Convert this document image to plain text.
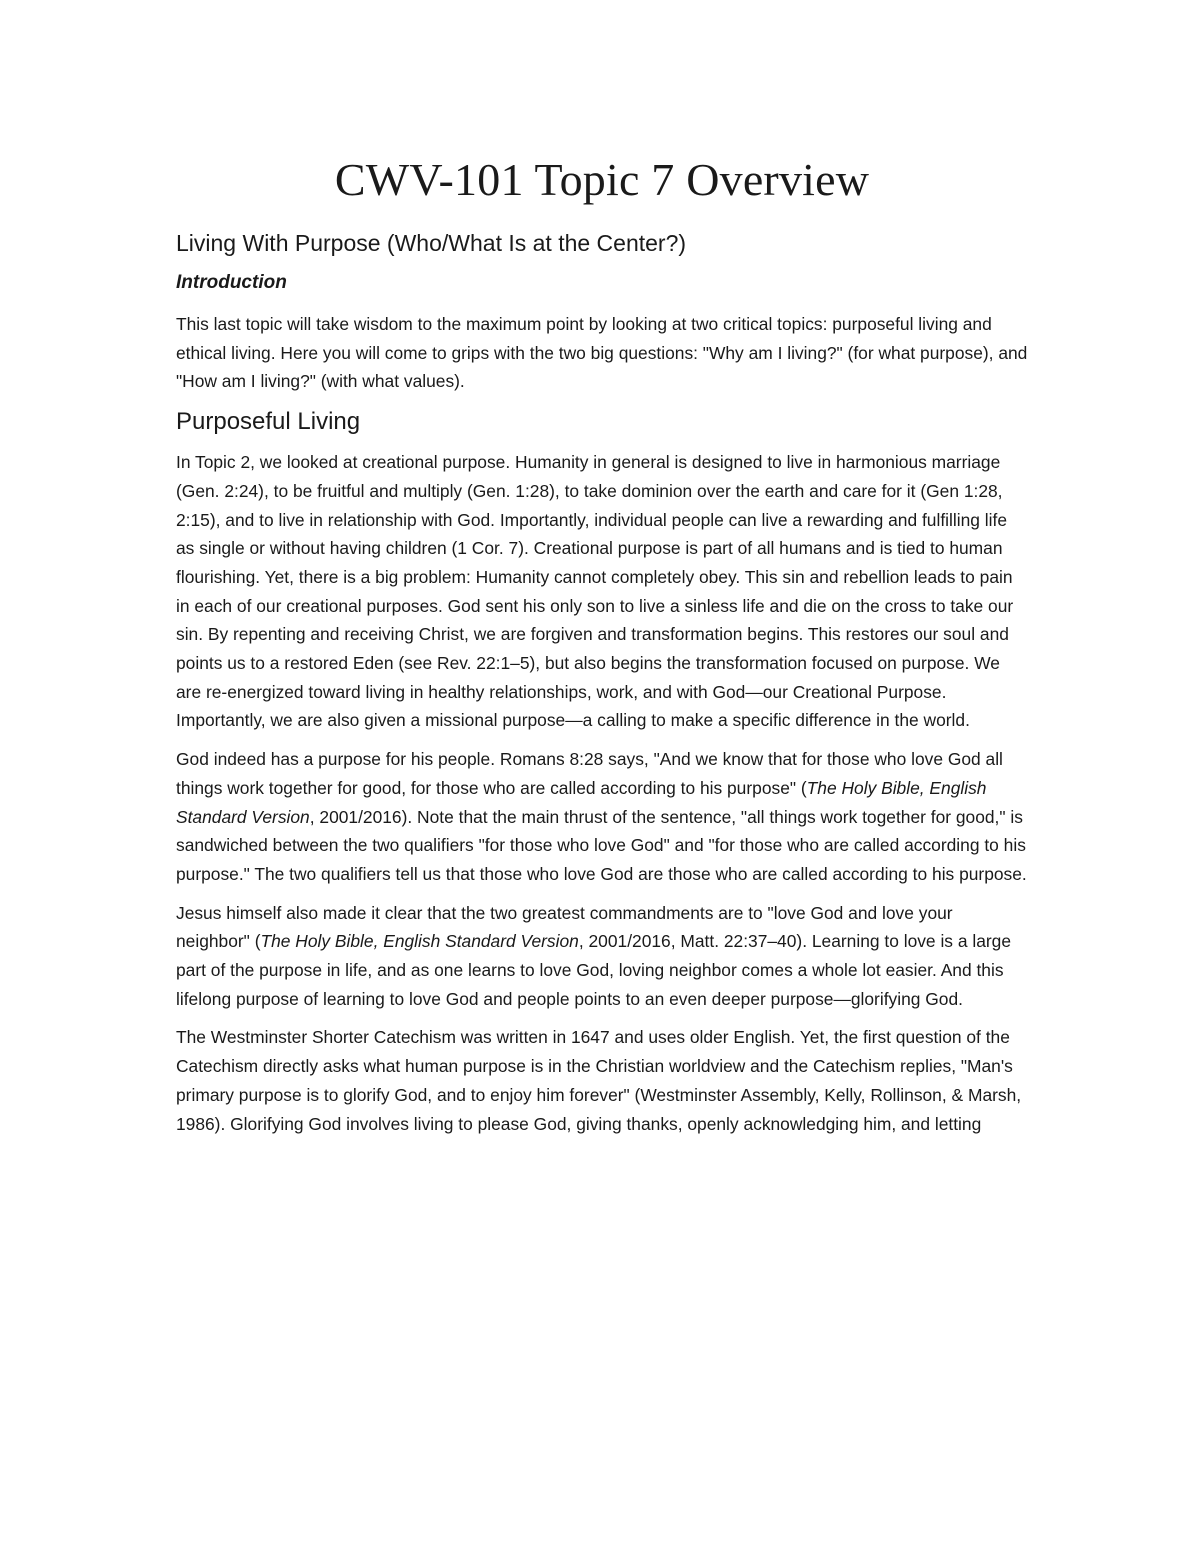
CWV-101 Topic 7 Overview
Living With Purpose (Who/What Is at the Center?)
Introduction

This last topic will take wisdom to the maximum point by looking at two critical topics: purposeful living and ethical living. Here you will come to grips with the two big questions: "Why am I living?" (for what purpose), and "How am I living?" (with what values).

Purposeful Living

In Topic 2, we looked at creational purpose. Humanity in general is designed to live in harmonious marriage (Gen. 2:24), to be fruitful and multiply (Gen. 1:28), to take dominion over the earth and care for it (Gen 1:28, 2:15), and to live in relationship with God. Importantly, individual people can live a rewarding and fulfilling life as single or without having children (1 Cor. 7). Creational purpose is part of all humans and is tied to human flourishing. Yet, there is a big problem: Humanity cannot completely obey. This sin and rebellion leads to pain in each of our creational purposes. God sent his only son to live a sinless life and die on the cross to take our sin. By repenting and receiving Christ, we are forgiven and transformation begins. This restores our soul and points us to a restored Eden (see Rev. 22:1–5), but also begins the transformation focused on purpose. We are re-energized toward living in healthy relationships, work, and with God—our Creational Purpose. Importantly, we are also given a missional purpose—a calling to make a specific difference in the world.

God indeed has a purpose for his people. Romans 8:28 says, "And we know that for those who love God all things work together for good, for those who are called according to his purpose" (The Holy Bible, English Standard Version, 2001/2016). Note that the main thrust of the sentence, "all things work together for good," is sandwiched between the two qualifiers "for those who love God" and "for those who are called according to his purpose." The two qualifiers tell us that those who love God are those who are called according to his purpose.

Jesus himself also made it clear that the two greatest commandments are to "love God and love your neighbor" (The Holy Bible, English Standard Version, 2001/2016, Matt. 22:37–40). Learning to love is a large part of the purpose in life, and as one learns to love God, loving neighbor comes a whole lot easier. And this lifelong purpose of learning to love God and people points to an even deeper purpose—glorifying God.

The Westminster Shorter Catechism was written in 1647 and uses older English. Yet, the first question of the Catechism directly asks what human purpose is in the Christian worldview and the Catechism replies, "Man's primary purpose is to glorify God, and to enjoy him forever" (Westminster Assembly, Kelly, Rollinson, & Marsh, 1986). Glorifying God involves living to please God, giving thanks, openly acknowledging him, and letting
